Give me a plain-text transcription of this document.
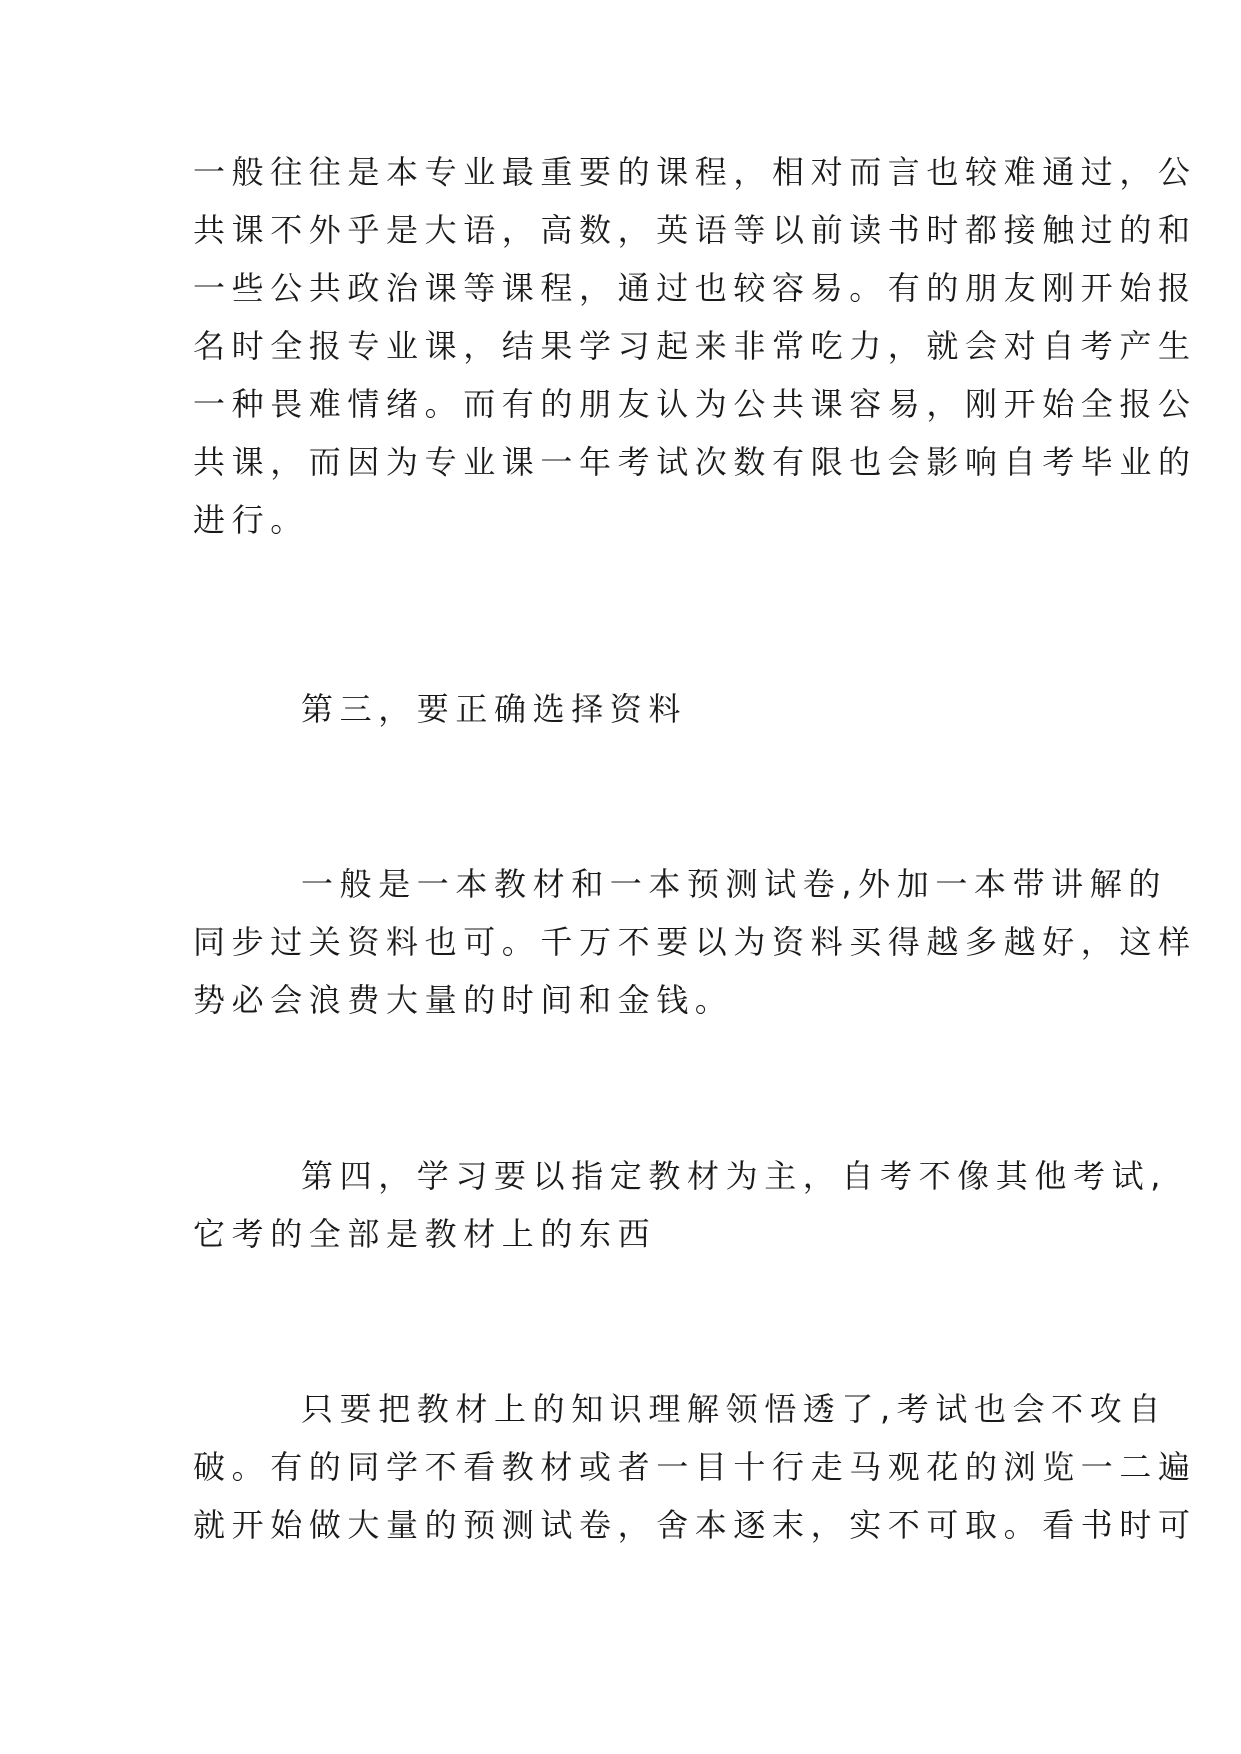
一般往往是本专业最重要的课程，相对而言也较难通过，公
共课不外乎是大语，高数，英语等以前读书时都接触过的和
一些公共政治课等课程，通过也较容易。有的朋友刚开始报
名时全报专业课，结果学习起来非常吃力，就会对自考产生
一种畏难情绪。而有的朋友认为公共课容易，刚开始全报公
共课，而因为专业课一年考试次数有限也会影响自考毕业的
进行。
第三，要正确选择资料
一般是一本教材和一本预测试卷,外加一本带讲解的
同步过关资料也可。千万不要以为资料买得越多越好，这样
势必会浪费大量的时间和金钱。
第四，学习要以指定教材为主，自考不像其他考试,
它考的全部是教材上的东西
只要把教材上的知识理解领悟透了,考试也会不攻自
破。有的同学不看教材或者一目十行走马观花的浏览一二遍
就开始做大量的预测试卷，舍本逐末，实不可取。看书时可
